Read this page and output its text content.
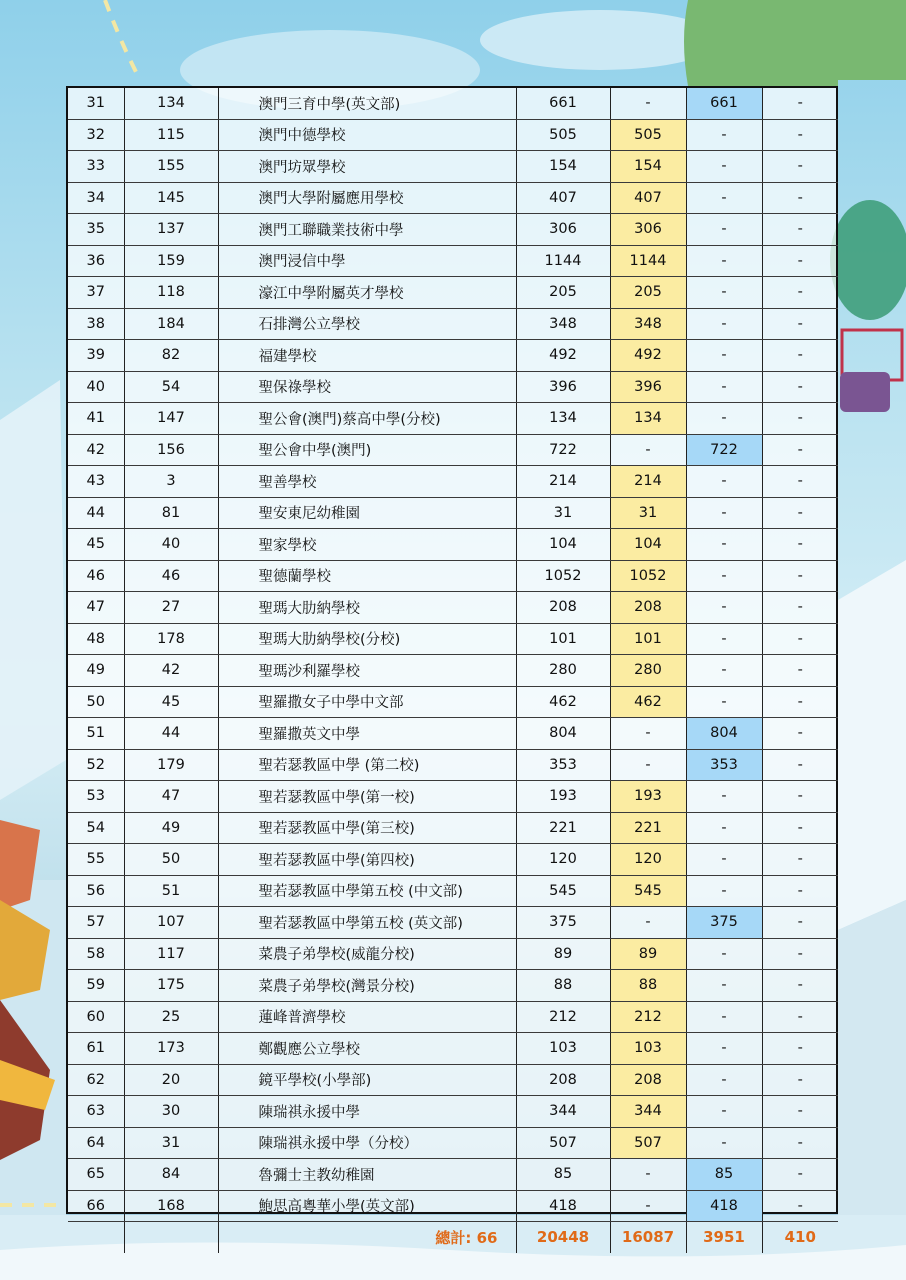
31	134	澳門三育中學(英文部)	661	-	661	-
32	115	澳門中德學校	505	505	-	-
33	155	澳門坊眾學校	154	154	-	-
34	145	澳門大學附屬應用學校	407	407	-	-
35	137	澳門工聯職業技術中學	306	306	-	-
36	159	澳門浸信中學	1144	1144	-	-
37	118	濠江中學附屬英才學校	205	205	-	-
38	184	石排灣公立學校	348	348	-	-
39	82	福建學校	492	492	-	-
40	54	聖保祿學校	396	396	-	-
41	147	聖公會(澳門)蔡高中學(分校)	134	134	-	-
42	156	聖公會中學(澳門)	722	-	722	-
43	3	聖善學校	214	214	-	-
44	81	聖安東尼幼稚園	31	31	-	-
45	40	聖家學校	104	104	-	-
46	46	聖德蘭學校	1052	1052	-	-
47	27	聖瑪大肋納學校	208	208	-	-
48	178	聖瑪大肋納學校(分校)	101	101	-	-
49	42	聖瑪沙利羅學校	280	280	-	-
50	45	聖羅撒女子中學中文部	462	462	-	-
51	44	聖羅撒英文中學	804	-	804	-
52	179	聖若瑟教區中學 (第二校)	353	-	353	-
53	47	聖若瑟教區中學(第一校)	193	193	-	-
54	49	聖若瑟教區中學(第三校)	221	221	-	-
55	50	聖若瑟教區中學(第四校)	120	120	-	-
56	51	聖若瑟教區中學第五校 (中文部)	545	545	-	-
57	107	聖若瑟教區中學第五校 (英文部)	375	-	375	-
58	117	菜農子弟學校(威龍分校)	89	89	-	-
59	175	菜農子弟學校(灣景分校)	88	88	-	-
60	25	蓮峰普濟學校	212	212	-	-
61	173	鄭觀應公立學校	103	103	-	-
62	20	鏡平學校(小學部)	208	208	-	-
63	30	陳瑞祺永援中學	344	344	-	-
64	31	陳瑞祺永援中學（分校）	507	507	-	-
65	84	魯彌士主教幼稚園	85	-	85	-
66	168	鮑思高粵華小學(英文部)	418	-	418	-
		總計: 66	20448	16087	3951	410
